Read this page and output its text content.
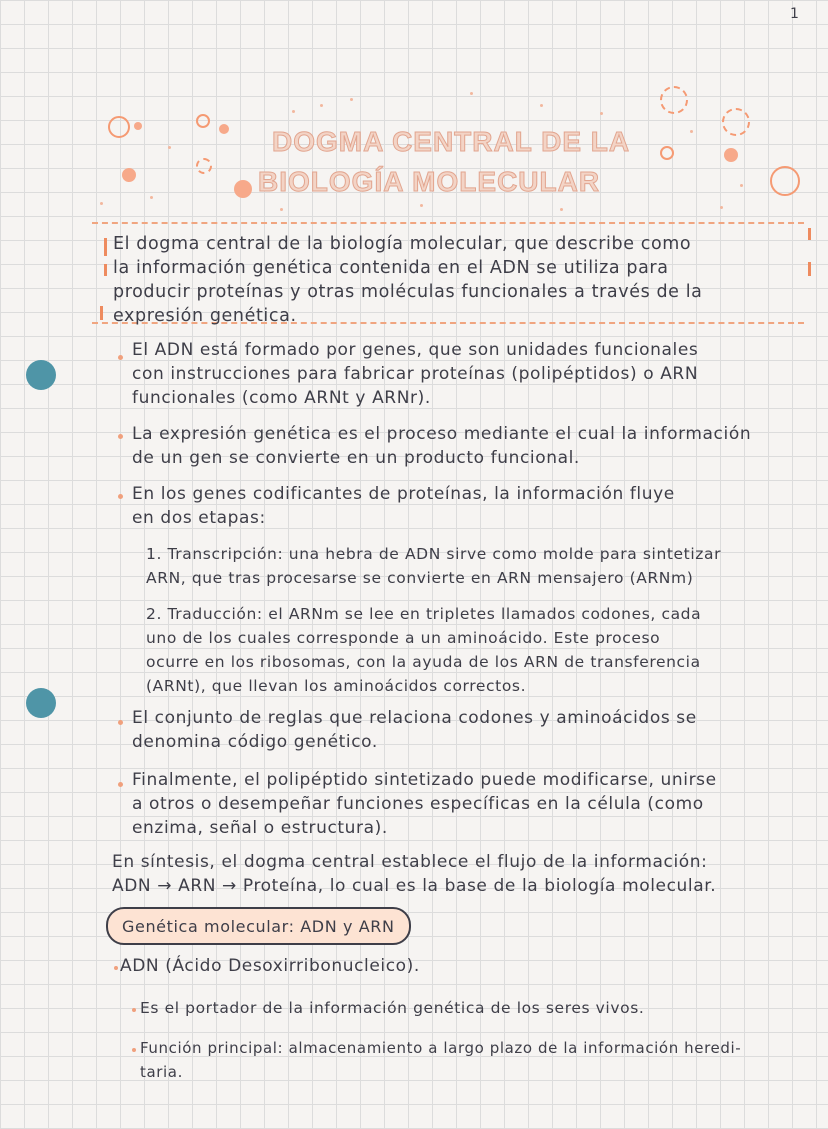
1
DOGMA CENTRAL DE LA
BIOLOGÍA MOLECULAR
El dogma central de la biología molecular, que describe como
la información genética contenida en el ADN se utiliza para
producir proteínas y otras moléculas funcionales a través de la
expresión genética.
El ADN está formado por genes, que son unidades funcionales
con instrucciones para fabricar proteínas (polipéptidos) o ARN
funcionales (como ARNt y ARNr).
La expresión genética es el proceso mediante el cual la información
de un gen se convierte en un producto funcional.
En los genes codificantes de proteínas, la información fluye
en dos etapas:
1. Transcripción: una hebra de ADN sirve como molde para sintetizar
ARN, que tras procesarse se convierte en ARN mensajero (ARNm)
2. Traducción: el ARNm se lee en tripletes llamados codones, cada
uno de los cuales corresponde a un aminoácido. Este proceso
ocurre en los ribosomas, con la ayuda de los ARN de transferencia
(ARNt), que llevan los aminoácidos correctos.
El conjunto de reglas que relaciona codones y aminoácidos se
denomina código genético.
Finalmente, el polipéptido sintetizado puede modificarse, unirse
a otros o desempeñar funciones específicas en la célula (como
enzima, señal o estructura).
En síntesis, el dogma central establece el flujo de la información:
ADN → ARN → Proteína, lo cual es la base de la biología molecular.
Genética molecular: ADN y ARN
ADN (Ácido Desoxirribonucleico).
Es el portador de la información genética de los seres vivos.
Función principal: almacenamiento a largo plazo de la información heredi-
taria.
